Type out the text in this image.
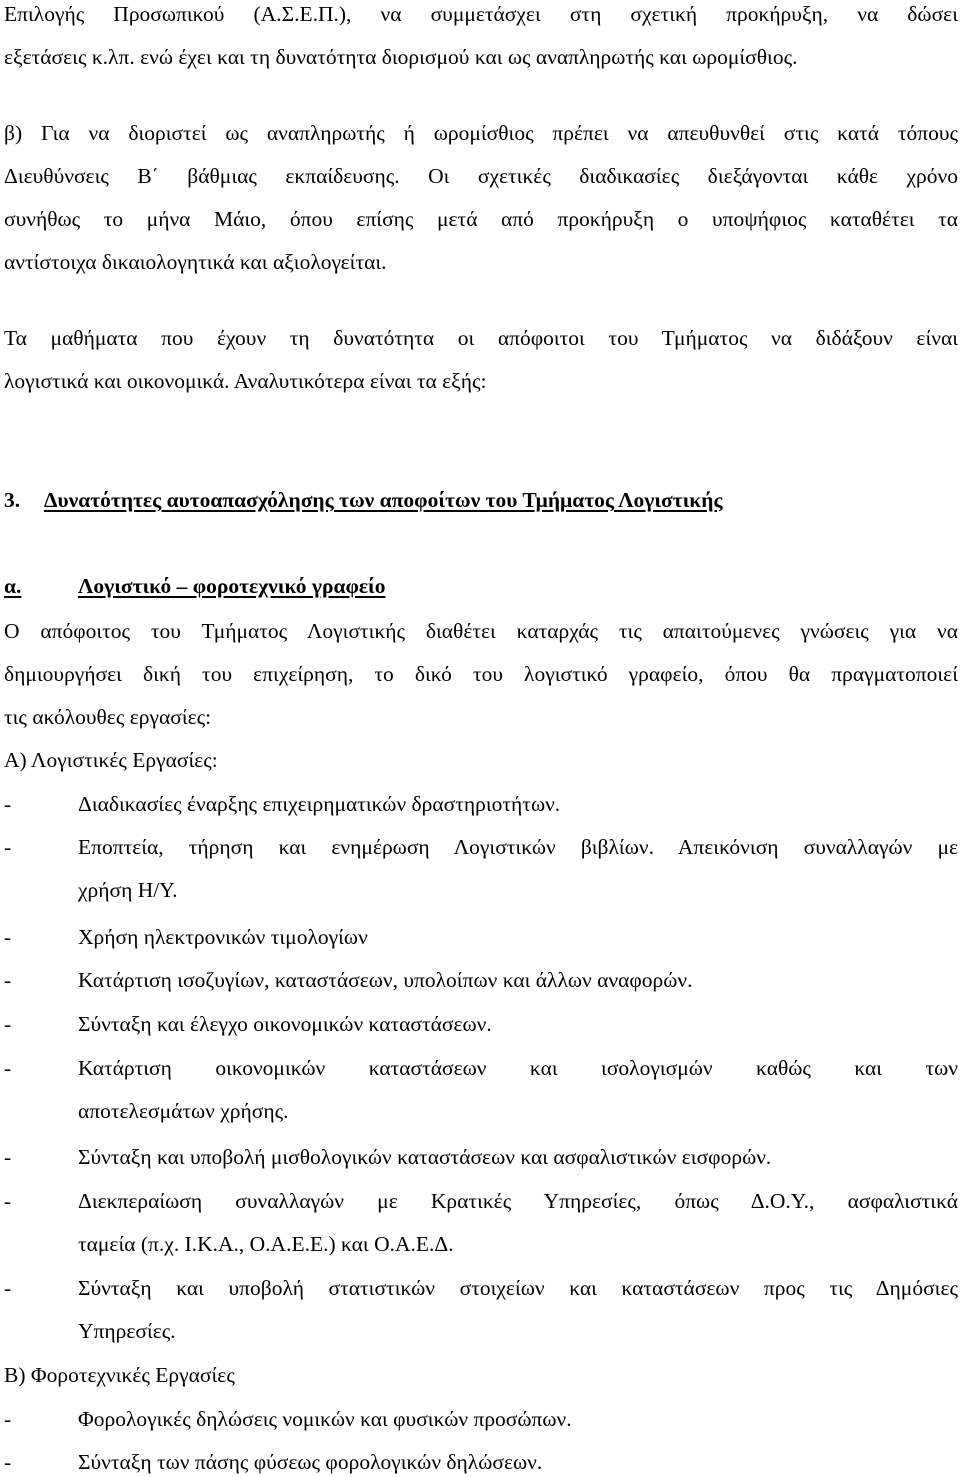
Επιλογής Προσωπικού (Α.Σ.Ε.Π.), να συμμετάσχει στη σχετική προκήρυξη, να δώσει
εξετάσεις κ.λπ. ενώ έχει και τη δυνατότητα διορισμού και ως αναπληρωτής και ωρομίσθιος.
β) Για να διοριστεί ως αναπληρωτής ή ωρομίσθιος πρέπει να απευθυνθεί στις κατά τόπους
Διευθύνσεις Β΄ βάθμιας εκπαίδευσης. Οι σχετικές διαδικασίες διεξάγονται κάθε χρόνο
συνήθως το μήνα Μάιο, όπου επίσης μετά από προκήρυξη ο υποψήφιος καταθέτει τα
αντίστοιχα δικαιολογητικά και αξιολογείται.
Τα μαθήματα που έχουν τη δυνατότητα οι απόφοιτοι του Τμήματος να διδάξουν είναι
λογιστικά και οικονομικά. Αναλυτικότερα είναι τα εξής:
3. Δυνατότητες αυτοαπασχόλησης των αποφοίτων του Τμήματος Λογιστικής
α.	Λογιστικό – φοροτεχνικό γραφείο
Ο απόφοιτος του Τμήματος Λογιστικής διαθέτει καταρχάς τις απαιτούμενες γνώσεις για να
δημιουργήσει δική του επιχείρηση, το δικό του λογιστικό γραφείο, όπου θα πραγματοποιεί
τις ακόλουθες εργασίες:
Α) Λογιστικές Εργασίες:
-	Διαδικασίες έναρξης επιχειρηματικών δραστηριοτήτων.
-	Εποπτεία, τήρηση και ενημέρωση Λογιστικών βιβλίων. Απεικόνιση συναλλαγών με
χρήση Η/Υ.
-	Χρήση ηλεκτρονικών τιμολογίων
-	Κατάρτιση ισοζυγίων, καταστάσεων, υπολοίπων και άλλων αναφορών.
-	Σύνταξη και έλεγχο οικονομικών καταστάσεων.
-	Κατάρτιση οικονομικών καταστάσεων και ισολογισμών καθώς και των
αποτελεσμάτων χρήσης.
-	Σύνταξη και υποβολή μισθολογικών καταστάσεων και ασφαλιστικών εισφορών.
-	Διεκπεραίωση συναλλαγών με Κρατικές Υπηρεσίες, όπως Δ.Ο.Υ., ασφαλιστικά
ταμεία (π.χ. Ι.Κ.Α., Ο.Α.Ε.Ε.) και Ο.Α.Ε.Δ.
-	Σύνταξη και υποβολή στατιστικών στοιχείων και καταστάσεων προς τις Δημόσιες
Υπηρεσίες.
Β) Φοροτεχνικές Εργασίες
-	Φορολογικές δηλώσεις νομικών και φυσικών προσώπων.
-	Σύνταξη των πάσης φύσεως φορολογικών δηλώσεων.
